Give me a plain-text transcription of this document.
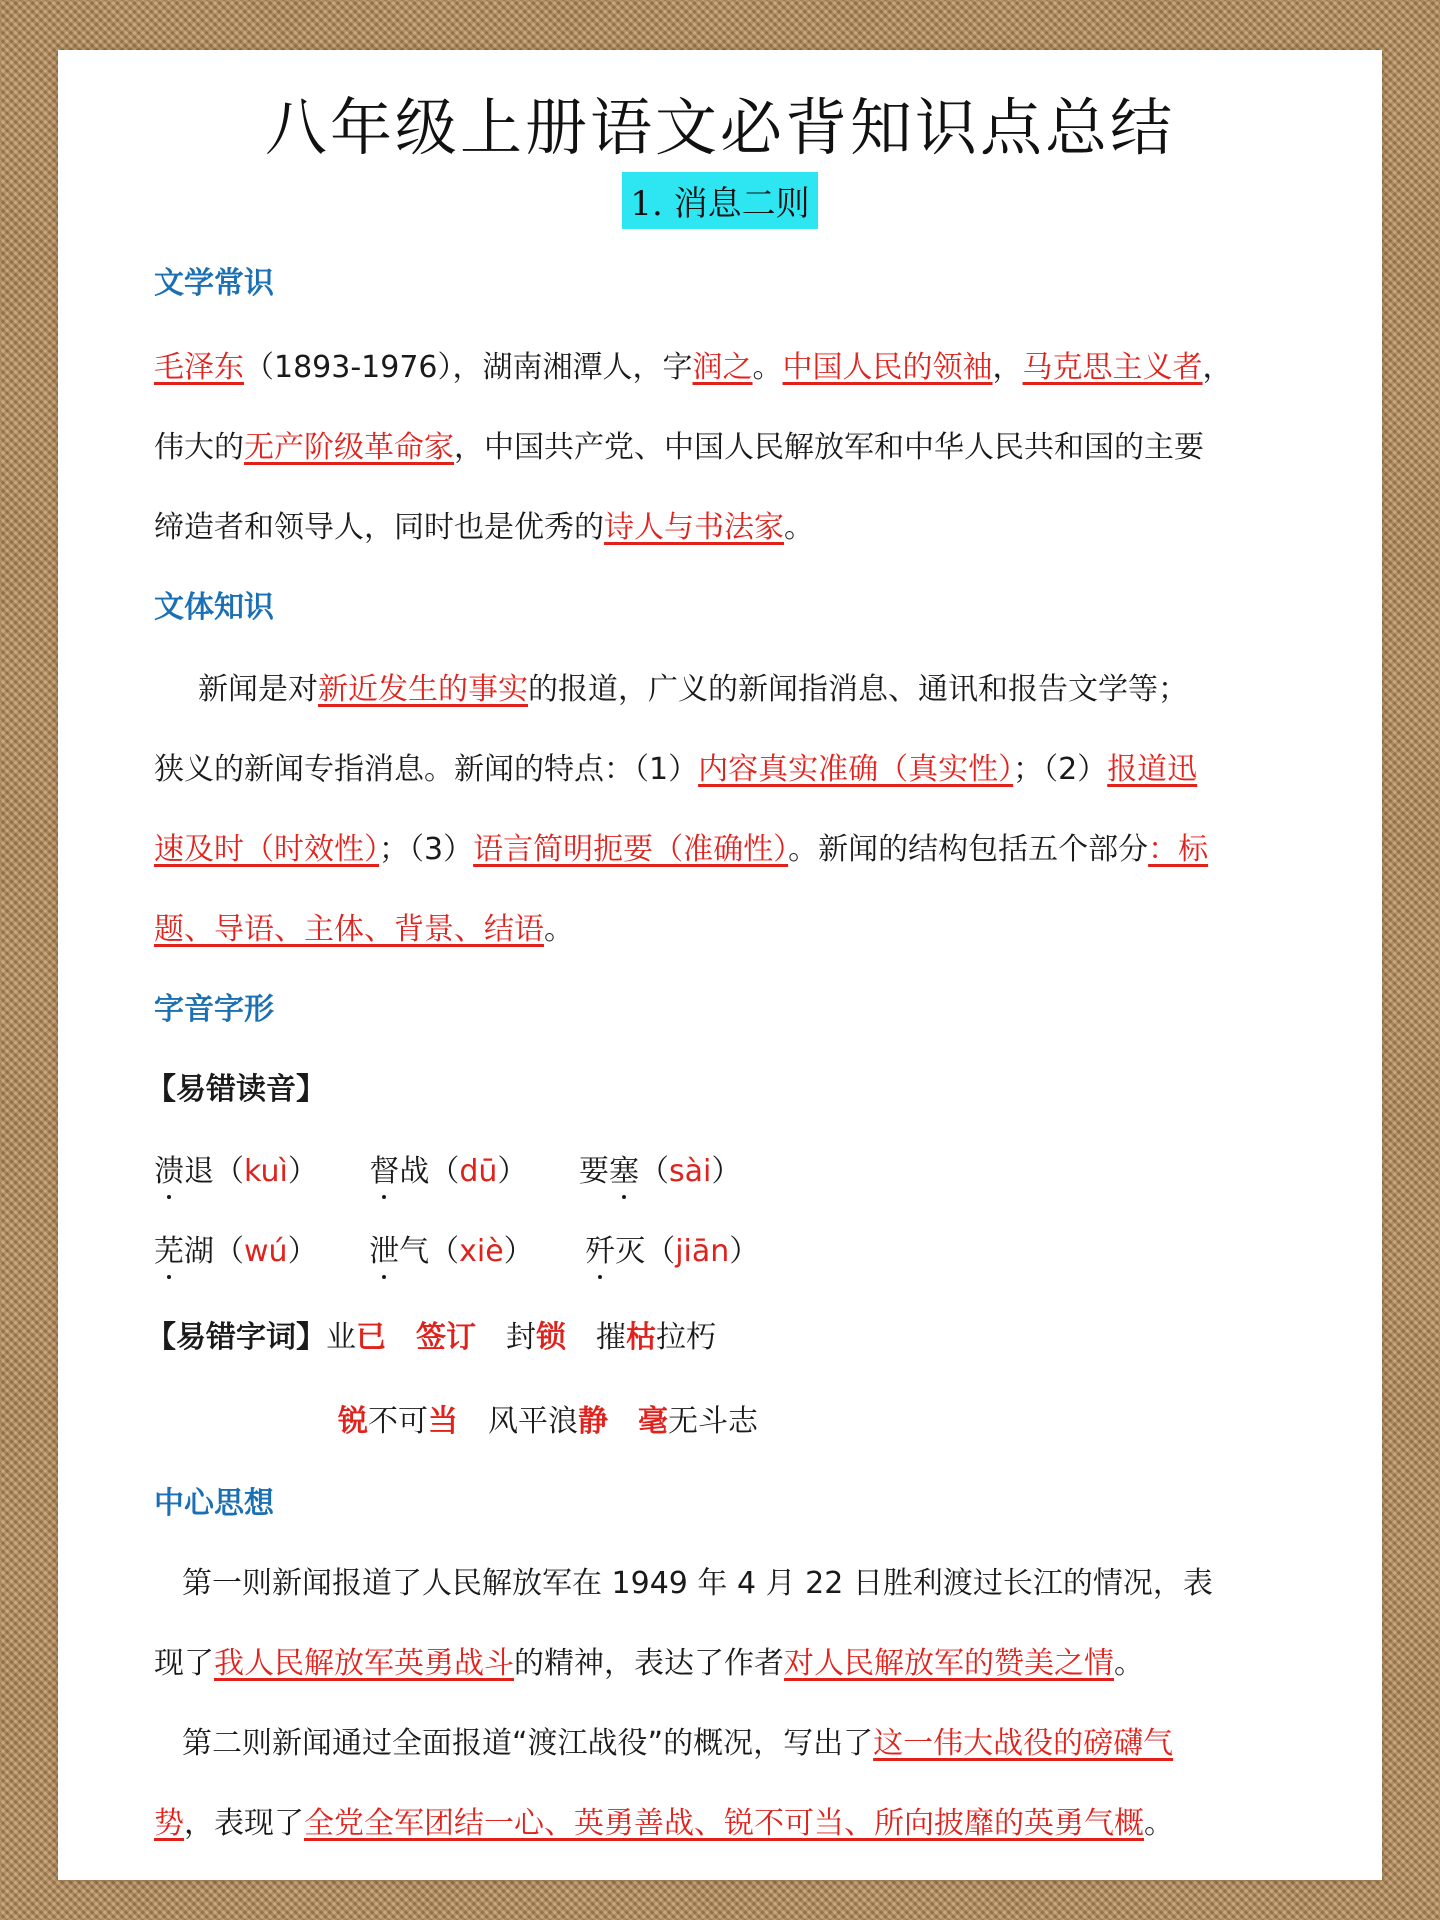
八年级上册语文必背知识点总结
1. 消息二则
文学常识

毛泽东（1893-1976），湖南湘潭人，字润之。中国人民的领袖，马克思主义者，

伟大的无产阶级革命家，中国共产党、中国人民解放军和中华人民共和国的主要

缔造者和领导人，同时也是优秀的诗人与书法家。

文体知识

新闻是对新近发生的事实的报道，广义的新闻指消息、通讯和报告文学等；

狭义的新闻专指消息。新闻的特点：（1）内容真实准确（真实性）；（2）报道迅

速及时（时效性）；（3）语言简明扼要（准确性）。新闻的结构包括五个部分：标

题、导语、主体、背景、结语。

字音字形

【易错读音】

溃退（kuì） 督战（dū） 要塞（sài）
芜湖（wú） 泄气（xiè） 歼灭（jiān）
【易错字词】业已 签订 封锁 摧枯拉朽
锐不可当 风平浪静 毫无斗志
中心思想

第一则新闻报道了人民解放军在 1949 年 4 月 22 日胜利渡过长江的情况，表

现了我人民解放军英勇战斗的精神，表达了作者对人民解放军的赞美之情。

第二则新闻通过全面报道“渡江战役”的概况，写出了这一伟大战役的磅礴气

势，表现了全党全军团结一心、英勇善战、锐不可当、所向披靡的英勇气概。
